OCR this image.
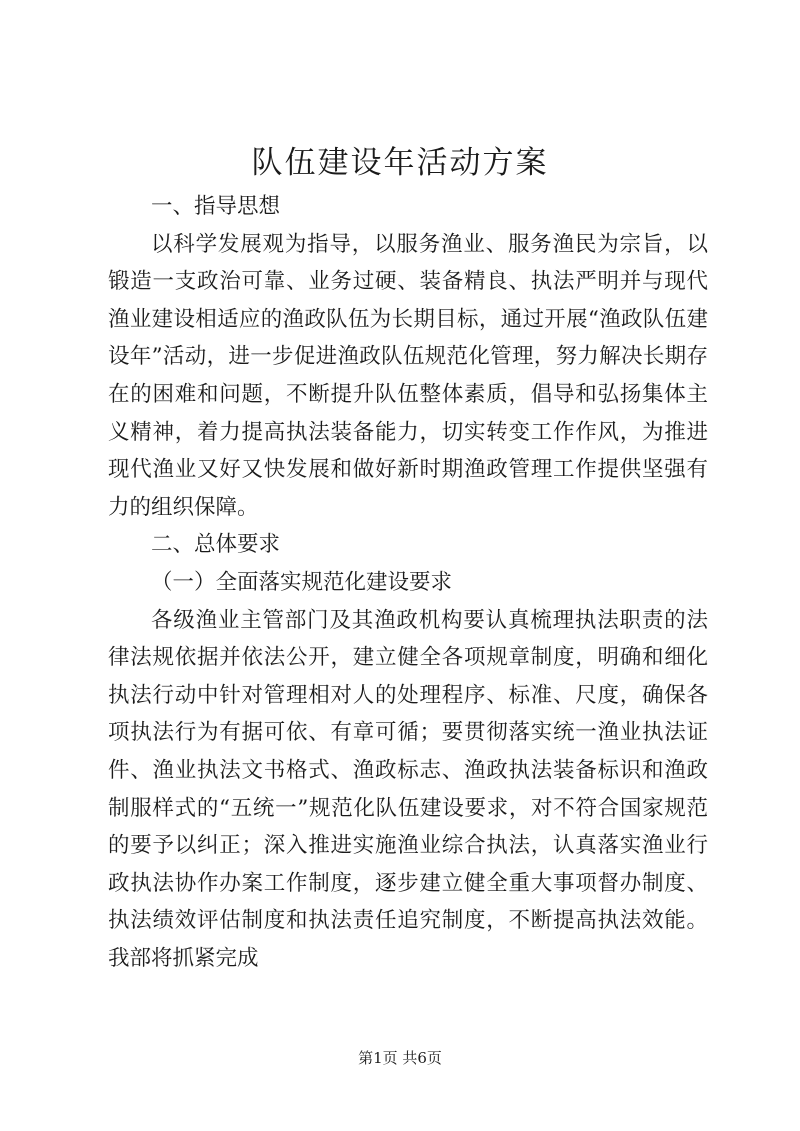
队伍建设年活动方案

一、指导思想

以科学发展观为指导，以服务渔业、服务渔民为宗旨，以锻造一支政治可靠、业务过硬、装备精良、执法严明并与现代渔业建设相适应的渔政队伍为长期目标，通过开展“渔政队伍建设年”活动，进一步促进渔政队伍规范化管理，努力解决长期存在的困难和问题，不断提升队伍整体素质，倡导和弘扬集体主义精神，着力提高执法装备能力，切实转变工作作风，为推进现代渔业又好又快发展和做好新时期渔政管理工作提供坚强有力的组织保障。

二、总体要求

（一）全面落实规范化建设要求

各级渔业主管部门及其渔政机构要认真梳理执法职责的法律法规依据并依法公开，建立健全各项规章制度，明确和细化执法行动中针对管理相对人的处理程序、标准、尺度，确保各项执法行为有据可依、有章可循；要贯彻落实统一渔业执法证件、渔业执法文书格式、渔政标志、渔政执法装备标识和渔政制服样式的“五统一”规范化队伍建设要求，对不符合国家规范的要予以纠正；深入推进实施渔业综合执法，认真落实渔业行政执法协作办案工作制度，逐步建立健全重大事项督办制度、执法绩效评估制度和执法责任追究制度，不断提高执法效能。我部将抓紧完成

第1页 共6页
